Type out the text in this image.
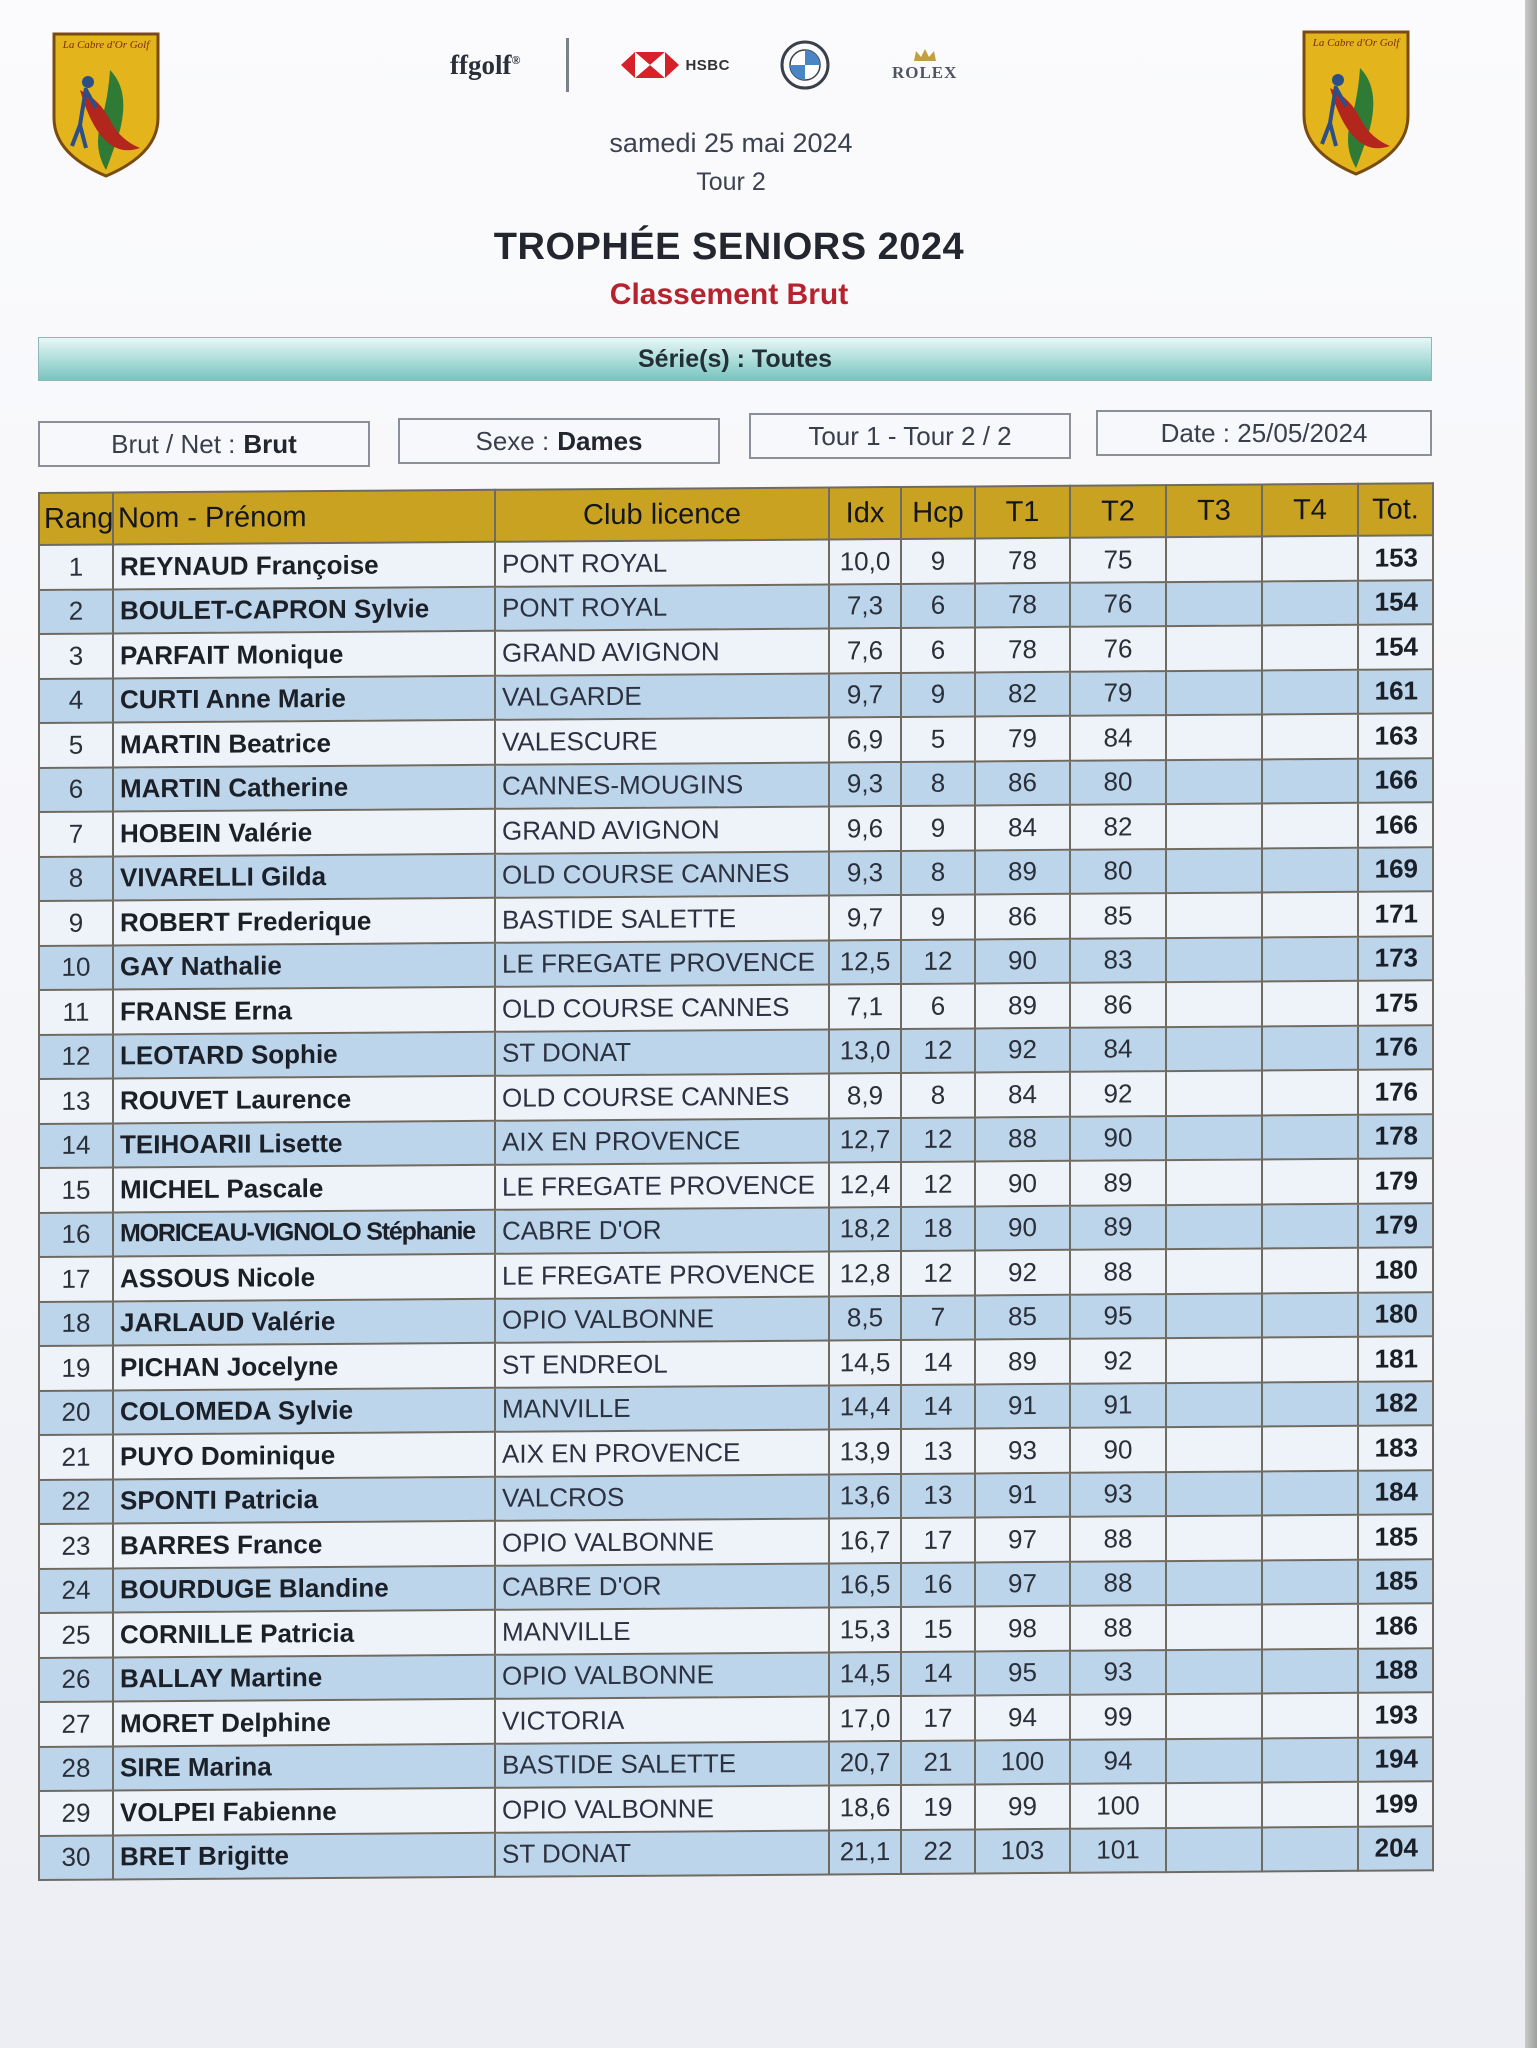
La Cabre d'Or Golf
ffgolf®	HSBC	ROLEX
La Cabre d'Or Golf
samedi 25 mai 2024
Tour 2
TROPHÉE SENIORS 2024
Classement Brut
Série(s) : Toutes
Brut / Net : Brut	Sexe : Dames	Tour 1 - Tour 2 / 2	Date : 25/05/2024
Rang	Nom - Prénom	Club licence	Idx	Hcp	T1	T2	T3	T4	Tot.
1	REYNAUD Françoise	PONT ROYAL	10,0	9	78	75			153
2	BOULET-CAPRON Sylvie	PONT ROYAL	7,3	6	78	76			154
3	PARFAIT Monique	GRAND AVIGNON	7,6	6	78	76			154
4	CURTI Anne Marie	VALGARDE	9,7	9	82	79			161
5	MARTIN Beatrice	VALESCURE	6,9	5	79	84			163
6	MARTIN Catherine	CANNES-MOUGINS	9,3	8	86	80			166
7	HOBEIN Valérie	GRAND AVIGNON	9,6	9	84	82			166
8	VIVARELLI Gilda	OLD COURSE CANNES	9,3	8	89	80			169
9	ROBERT Frederique	BASTIDE SALETTE	9,7	9	86	85			171
10	GAY Nathalie	LE FREGATE PROVENCE	12,5	12	90	83			173
11	FRANSE Erna	OLD COURSE CANNES	7,1	6	89	86			175
12	LEOTARD Sophie	ST DONAT	13,0	12	92	84			176
13	ROUVET Laurence	OLD COURSE CANNES	8,9	8	84	92			176
14	TEIHOARII Lisette	AIX EN PROVENCE	12,7	12	88	90			178
15	MICHEL Pascale	LE FREGATE PROVENCE	12,4	12	90	89			179
16	MORICEAU-VIGNOLO Stéphanie	CABRE D'OR	18,2	18	90	89			179
17	ASSOUS Nicole	LE FREGATE PROVENCE	12,8	12	92	88			180
18	JARLAUD Valérie	OPIO VALBONNE	8,5	7	85	95			180
19	PICHAN Jocelyne	ST ENDREOL	14,5	14	89	92			181
20	COLOMEDA Sylvie	MANVILLE	14,4	14	91	91			182
21	PUYO Dominique	AIX EN PROVENCE	13,9	13	93	90			183
22	SPONTI Patricia	VALCROS	13,6	13	91	93			184
23	BARRES France	OPIO VALBONNE	16,7	17	97	88			185
24	BOURDUGE Blandine	CABRE D'OR	16,5	16	97	88			185
25	CORNILLE Patricia	MANVILLE	15,3	15	98	88			186
26	BALLAY Martine	OPIO VALBONNE	14,5	14	95	93			188
27	MORET Delphine	VICTORIA	17,0	17	94	99			193
28	SIRE Marina	BASTIDE SALETTE	20,7	21	100	94			194
29	VOLPEI Fabienne	OPIO VALBONNE	18,6	19	99	100			199
30	BRET Brigitte	ST DONAT	21,1	22	103	101			204
